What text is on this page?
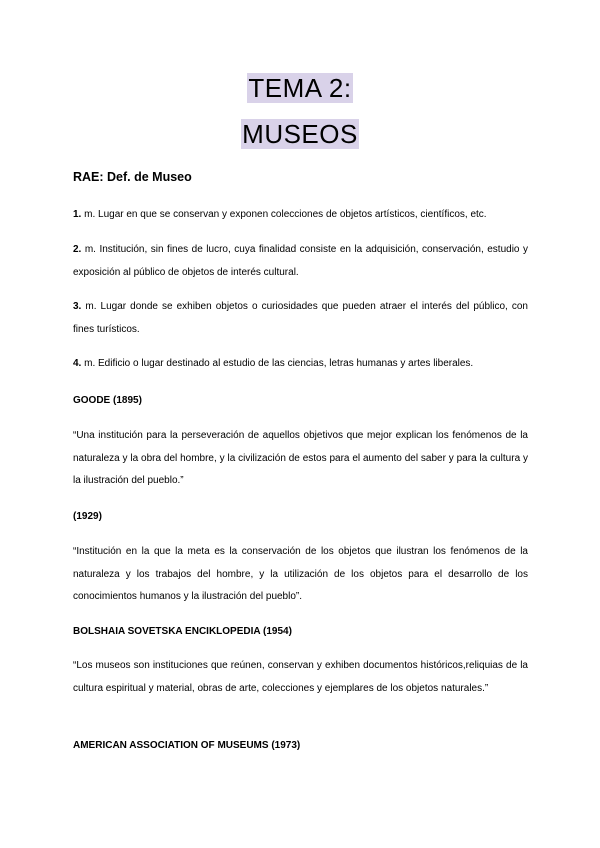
TEMA 2:
MUSEOS
RAE: Def. de Museo
1. m. Lugar en que se conservan y exponen colecciones de objetos artísticos, científicos, etc.
2. m. Institución, sin fines de lucro, cuya finalidad consiste en la adquisición, conservación, estudio y exposición al público de objetos de interés cultural.
3. m. Lugar donde se exhiben objetos o curiosidades que pueden atraer el interés del público, con fines turísticos.
4. m. Edificio o lugar destinado al estudio de las ciencias, letras humanas y artes liberales.
GOODE (1895)
“Una institución para la perseveración de aquellos objetivos que mejor explican los fenómenos de la naturaleza y la obra del hombre, y la civilización de estos para el aumento del saber y para la cultura y la ilustración del pueblo.”
(1929)
“Institución en la que la meta es la conservación de los objetos que ilustran los fenómenos de la naturaleza y los trabajos del hombre, y la utilización de los objetos para el desarrollo de los conocimientos humanos y la ilustración del pueblo”.
BOLSHAIA SOVETSKA ENCIKLOPEDIA (1954)
“Los museos son instituciones que reúnen, conservan y exhiben documentos históricos,reliquias de la cultura espiritual y material, obras de arte, colecciones y ejemplares de los objetos naturales.”
AMERICAN ASSOCIATION OF MUSEUMS (1973)
